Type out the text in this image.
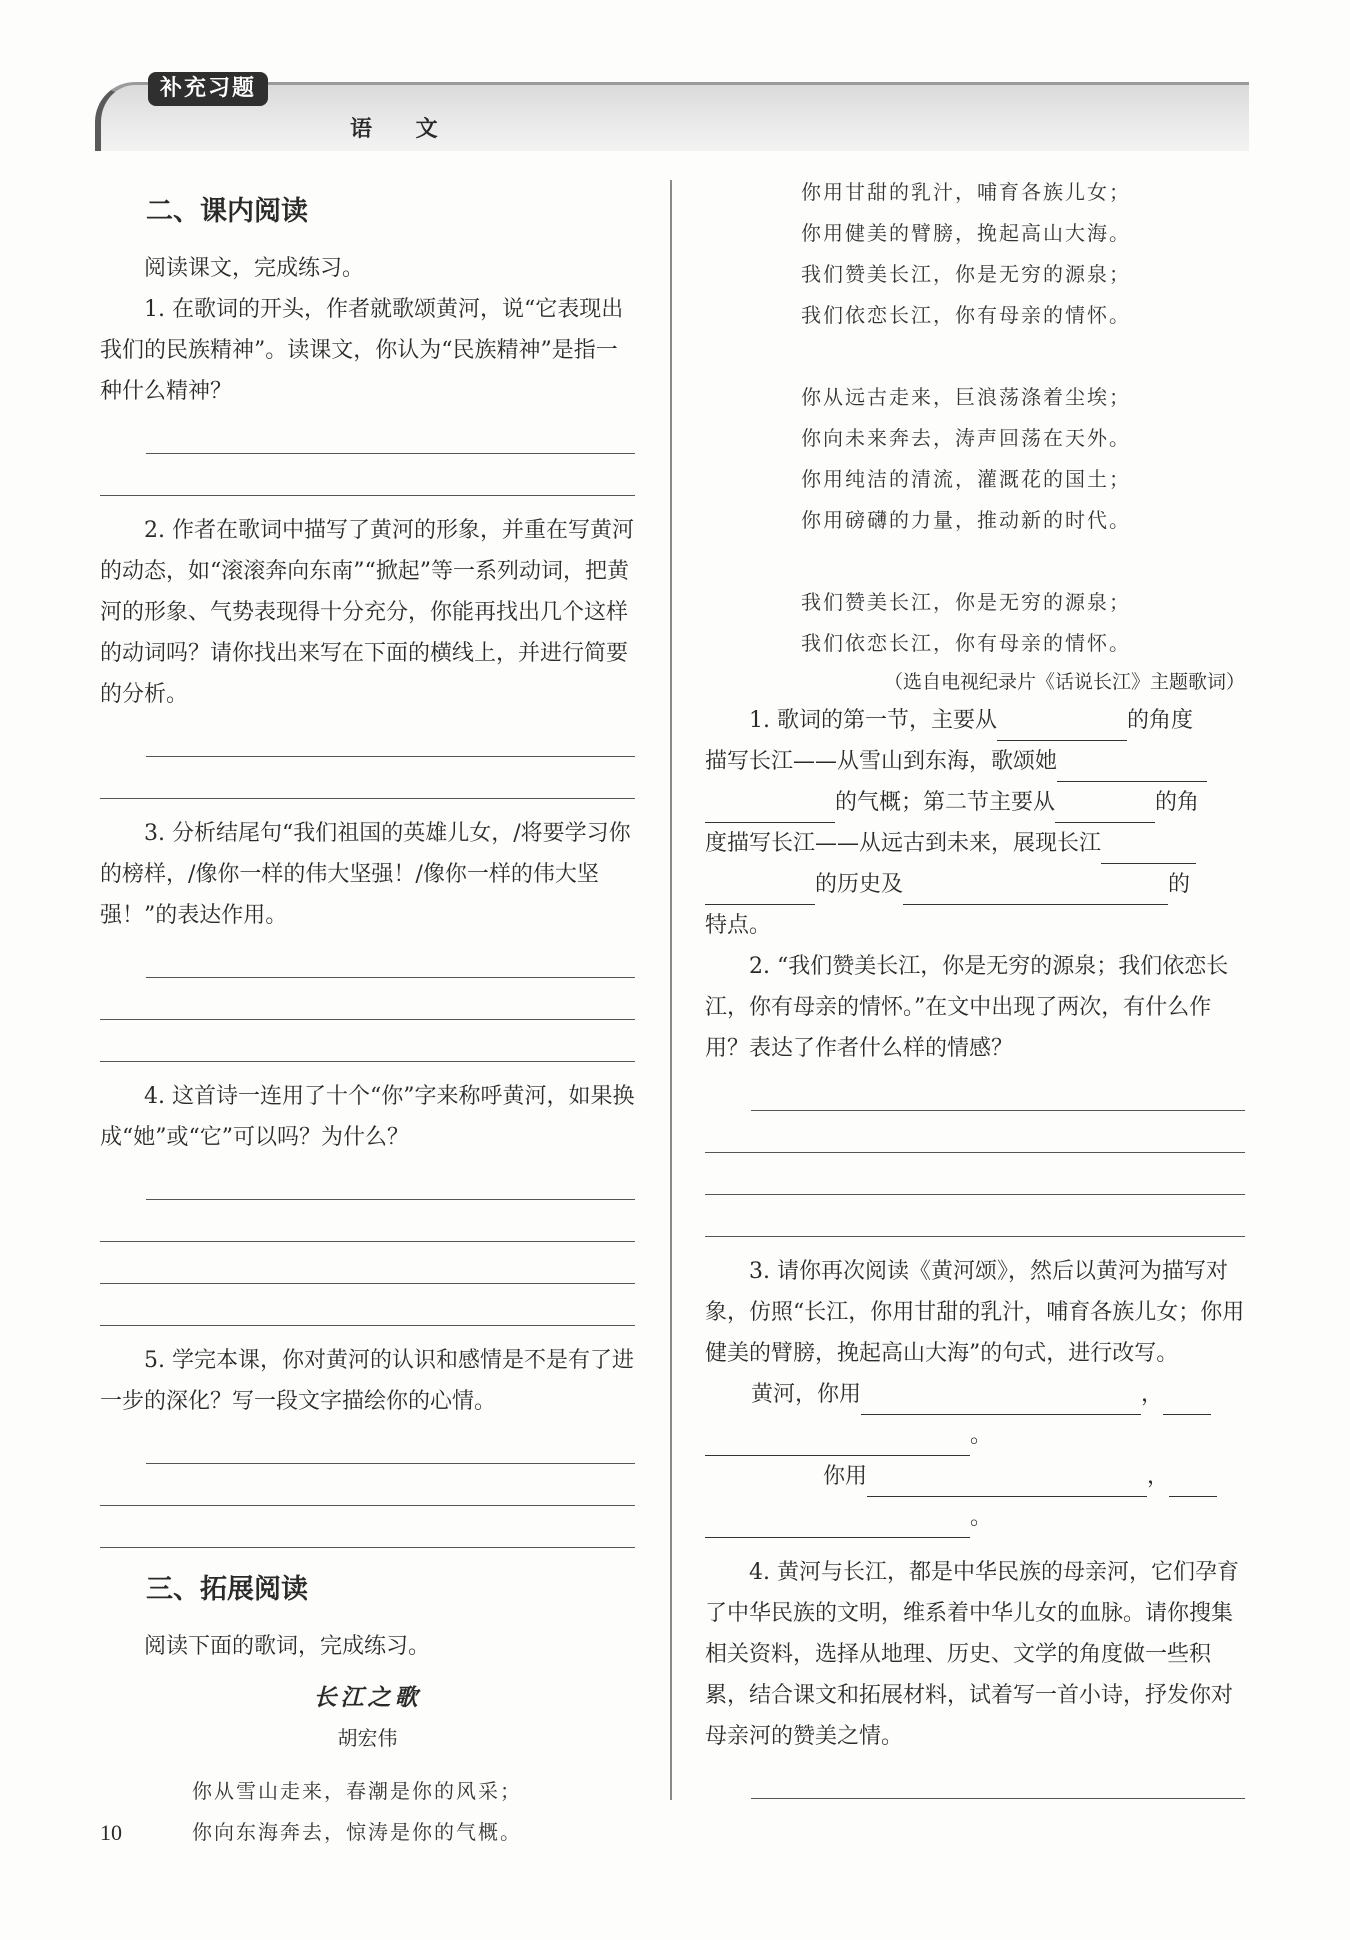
补充习题
语 文
二、课内阅读

阅读课文，完成练习。

1. 在歌词的开头，作者就歌颂黄河，说“它表现出我们的民族精神”。读课文，你认为“民族精神”是指一种什么精神？

2. 作者在歌词中描写了黄河的形象，并重在写黄河的动态，如“滚滚奔向东南”“掀起”等一系列动词，把黄河的形象、气势表现得十分充分，你能再找出几个这样的动词吗？请你找出来写在下面的横线上，并进行简要的分析。

3. 分析结尾句“我们祖国的英雄儿女，/将要学习你的榜样，/像你一样的伟大坚强！/像你一样的伟大坚强！”的表达作用。

4. 这首诗一连用了十个“你”字来称呼黄河，如果换成“她”或“它”可以吗？为什么？

5. 学完本课，你对黄河的认识和感情是不是有了进一步的深化？写一段文字描绘你的心情。

三、拓展阅读

阅读下面的歌词，完成练习。

长江之歌
胡宏伟
你从雪山走来，春潮是你的风采；
你向东海奔去，惊涛是你的气概。
你用甘甜的乳汁，哺育各族儿女；
你用健美的臂膀，挽起高山大海。
我们赞美长江，你是无穷的源泉；
我们依恋长江，你有母亲的情怀。
你从远古走来，巨浪荡涤着尘埃；
你向未来奔去，涛声回荡在天外。
你用纯洁的清流，灌溉花的国土；
你用磅礴的力量，推动新的时代。
我们赞美长江，你是无穷的源泉；
我们依恋长江，你有母亲的情怀。
（选自电视纪录片《话说长江》主题歌词）

1. 歌词的第一节，主要从	的角度

描写长江——从雪山到东海，歌颂她

的气概；第二节主要从	的角

度描写长江——从远古到未来，展现长江

的历史及	的

特点。

2. “我们赞美长江，你是无穷的源泉；我们依恋长江，你有母亲的情怀。”在文中出现了两次，有什么作用？表达了作者什么样的情感？

3. 请你再次阅读《黄河颂》，然后以黄河为描写对象，仿照“长江，你用甘甜的乳汁，哺育各族儿女；你用健美的臂膀，挽起高山大海”的句式，进行改写。

黄河，你用	，

。

你用	，

。

4. 黄河与长江，都是中华民族的母亲河，它们孕育了中华民族的文明，维系着中华儿女的血脉。请你搜集相关资料，选择从地理、历史、文学的角度做一些积累，结合课文和拓展材料，试着写一首小诗，抒发你对母亲河的赞美之情。

10
